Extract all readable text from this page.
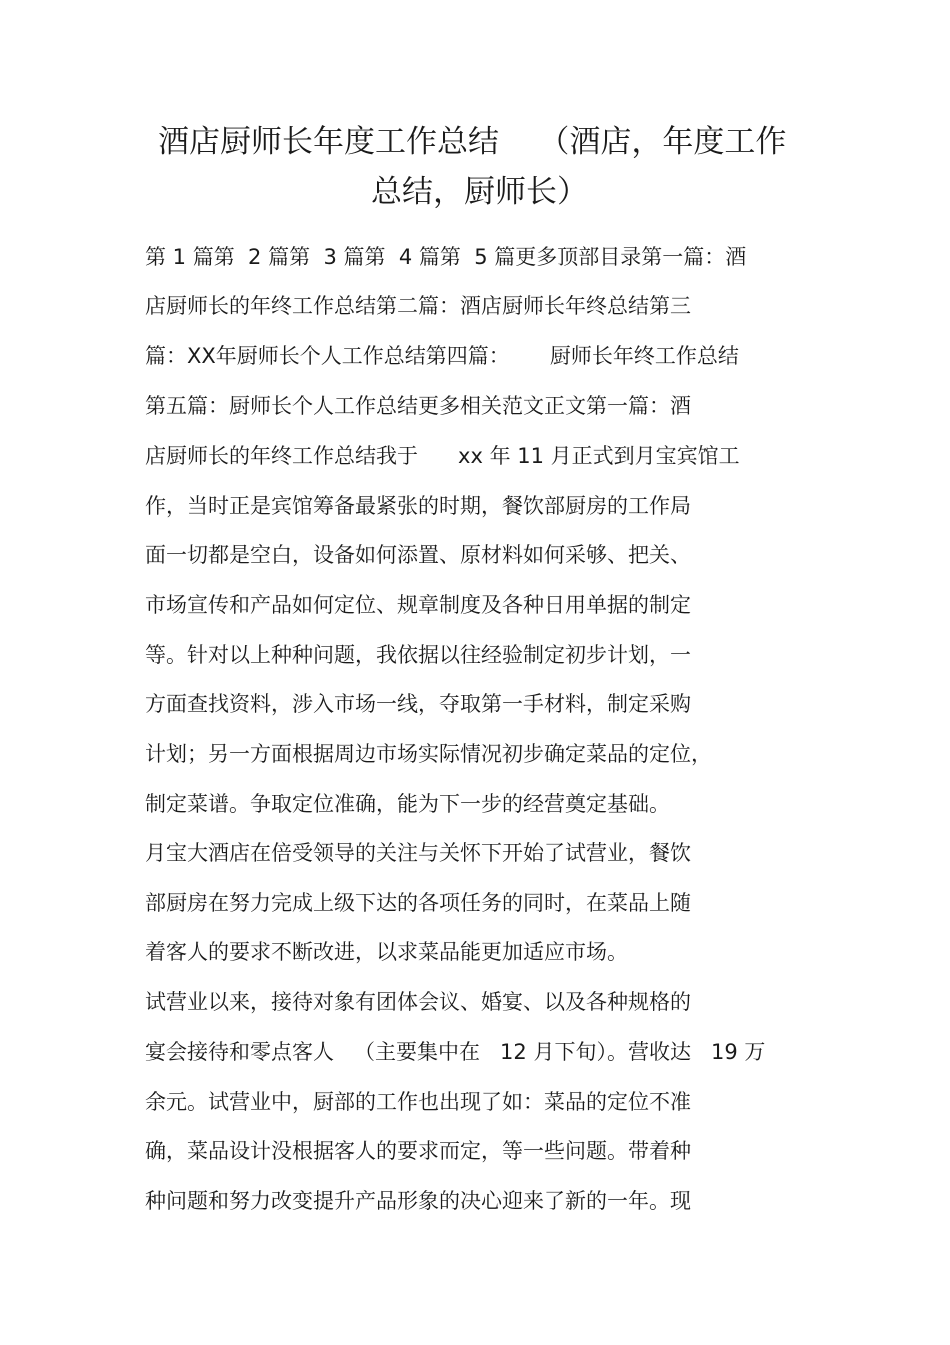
酒店厨师长年度工作总结    （酒店，年度工作
总结，厨师长）

第 1 篇第  2 篇第  3 篇第  4 篇第  5 篇更多顶部目录第一篇：酒

店厨师长的年终工作总结第二篇：酒店厨师长年终总结第三

篇：XX年厨师长个人工作总结第四篇：      厨师长年终工作总结

第五篇：厨师长个人工作总结更多相关范文正文第一篇：酒

店厨师长的年终工作总结我于      xx 年 11 月正式到月宝宾馆工

作，当时正是宾馆筹备最紧张的时期，餐饮部厨房的工作局

面一切都是空白，设备如何添置、原材料如何采够、把关、

市场宣传和产品如何定位、规章制度及各种日用单据的制定

等。针对以上种种问题，我依据以往经验制定初步计划，一

方面查找资料，涉入市场一线，夺取第一手材料，制定采购

计划；另一方面根据周边市场实际情况初步确定菜品的定位，

制定菜谱。争取定位准确，能为下一步的经营奠定基础。

月宝大酒店在倍受领导的关注与关怀下开始了试营业，餐饮

部厨房在努力完成上级下达的各项任务的同时，在菜品上随

着客人的要求不断改进，以求菜品能更加适应市场。

试营业以来，接待对象有团体会议、婚宴、以及各种规格的

宴会接待和零点客人   （主要集中在   12 月下旬）。营收达   19 万

余元。试营业中，厨部的工作也出现了如：菜品的定位不准

确，菜品设计没根据客人的要求而定，等一些问题。带着种

种问题和努力改变提升产品形象的决心迎来了新的一年。现
